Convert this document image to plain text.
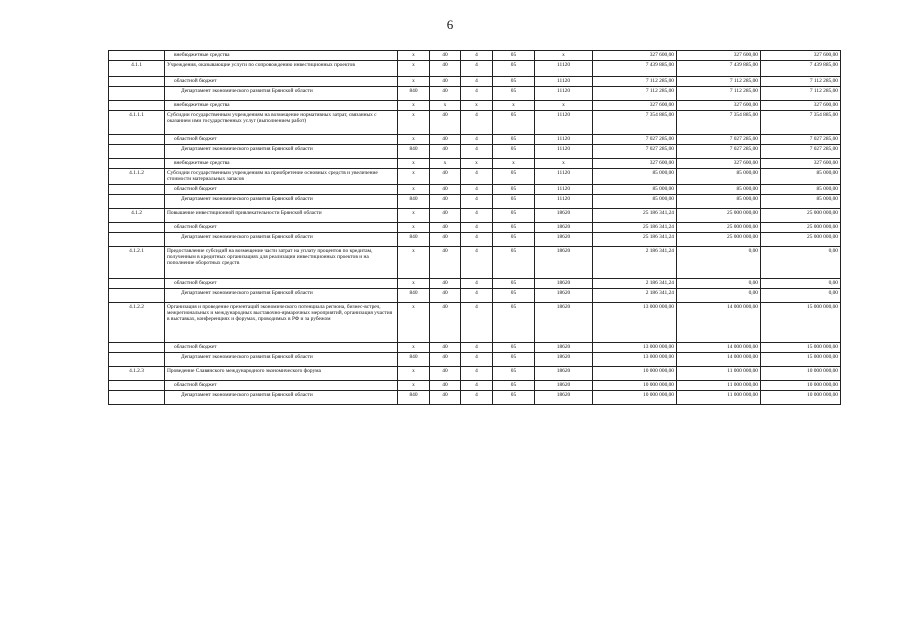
6
	внебюджетные средства	x	40	4	05	x	327 600,00	327 600,00	327 600,00
4.1.1	Учреждения, оказывающие услуги по сопровождению инвестиционных проектов	x	40	4	05	11120	7 439 885,00	7 439 885,00	7 439 885,00
	областной бюджет	x	40	4	05	11120	7 112 285,00	7 112 285,00	7 112 285,00
	Департамент экономического развития Брянской области	840	40	4	05	11120	7 112 285,00	7 112 285,00	7 112 285,00
	внебюджетные средства	x	x	x	x	x	327 600,00	327 600,00	327 600,00
4.1.1.1	Субсидии государственным учреждениям на возмещение нормативных затрат, связанных с оказанием ими государственных услуг (выполнением работ)	x	40	4	05	11120	7 354 885,00	7 354 885,00	7 354 885,00
	областной бюджет	x	40	4	05	11120	7 027 285,00	7 027 285,00	7 027 285,00
	Департамент экономического развития Брянской области	840	40	4	05	11120	7 027 285,00	7 027 285,00	7 027 285,00
	внебюджетные средства	x	x	x	x	x	327 600,00	327 600,00	327 600,00
4.1.1.2	Субсидии государственным учреждениям на приобретение основных средств и увеличение стоимости материальных запасов	x	40	4	05	11120	85 000,00	85 000,00	85 000,00
	областной бюджет	x	40	4	05	11120	85 000,00	85 000,00	85 000,00
	Департамент экономического развития Брянской области	840	40	4	05	11120	85 000,00	85 000,00	85 000,00
4.1.2	Повышение инвестиционной привлекательности Брянской области	x	40	4	05	18620	25 186 341,24	25 000 000,00	25 000 000,00
	областной бюджет	x	40	4	05	18620	25 186 341,24	25 000 000,00	25 000 000,00
	Департамент экономического развития Брянской области	840	40	4	05	18620	25 186 341,24	25 000 000,00	25 000 000,00
4.1.2.1	Предоставление субсидий на возмещение части затрат на уплату процентов по кредитам, полученным в кредитных организациях для реализации инвестиционных проектов и на пополнение оборотных средств	x	40	4	05	18620	2 186 341,24	0,00	0,00
	областной бюджет	x	40	4	05	18620	2 186 341,24	0,00	0,00
	Департамент экономического развития Брянской области	840	40	4	05	18620	2 186 341,24	0,00	0,00
4.1.2.2	Организация и проведение презентаций экономического потенциала региона, бизнес-встреч, межрегиональных и международных выставочно-ярмарочных мероприятий, организация участия в выставках, конференциях и форумах, проводимых в РФ и за рубежом	x	40	4	05	18620	13 000 000,00	14 000 000,00	15 000 000,00
	областной бюджет	x	40	4	05	18620	13 000 000,00	14 000 000,00	15 000 000,00
	Департамент экономического развития Брянской области	840	40	4	05	18620	13 000 000,00	14 000 000,00	15 000 000,00
4.1.2.3	Проведение Славянского международного экономического форума	x	40	4	05	18620	10 000 000,00	11 000 000,00	10 000 000,00
	областной бюджет	x	40	4	05	18620	10 000 000,00	11 000 000,00	10 000 000,00
	Департамент экономического развития Брянской области	840	40	4	05	18620	10 000 000,00	11 000 000,00	10 000 000,00
